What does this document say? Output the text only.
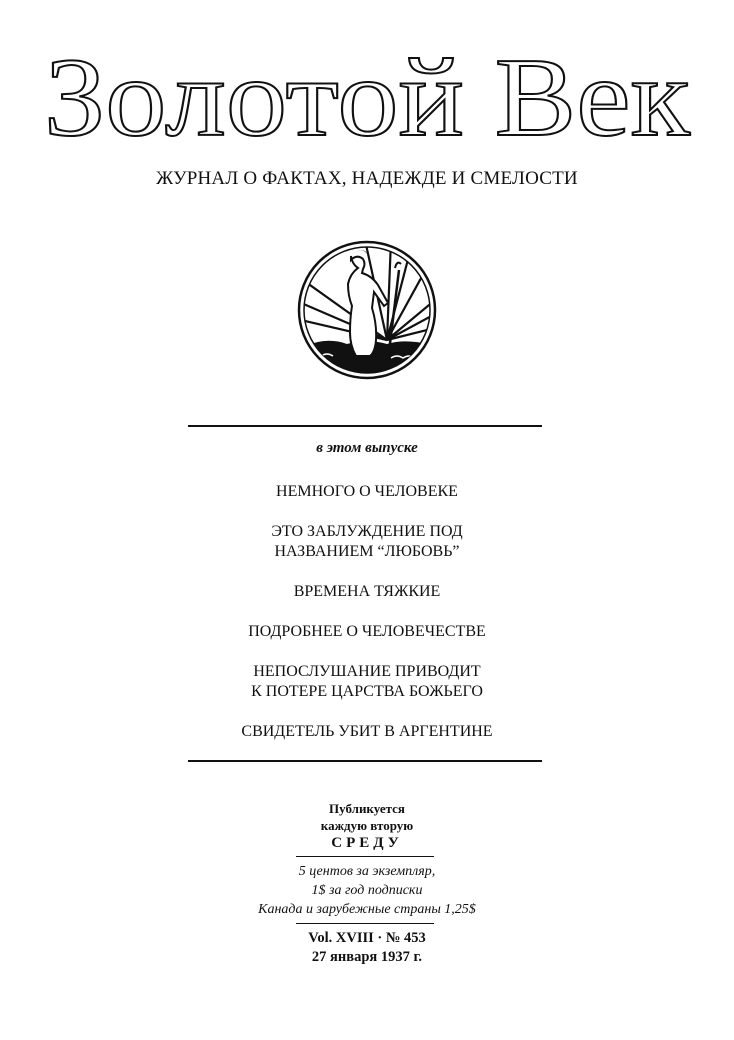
Золотой Век
ЖУРНАЛ О ФАКТАХ, НАДЕЖДЕ И СМЕЛОСТИ
в этом выпуске
НЕМНОГО О ЧЕЛОВЕКЕ
ЭТО ЗАБЛУЖДЕНИЕ ПОД
НАЗВАНИЕМ “ЛЮБОВЬ”
ВРЕМЕНА ТЯЖКИЕ
ПОДРОБНЕЕ О ЧЕЛОВЕЧЕСТВЕ
НЕПОСЛУШАНИЕ ПРИВОДИТ
К ПОТЕРЕ ЦАРСТВА БОЖЬЕГО
СВИДЕТЕЛЬ УБИТ В АРГЕНТИНЕ
Публикуется
каждую вторую
СРЕДУ
5 центов за экземпляр,
1$ за год подписки
Канада и зарубежные страны 1,25$
Vol. XVIII · № 453
27 января 1937 г.
